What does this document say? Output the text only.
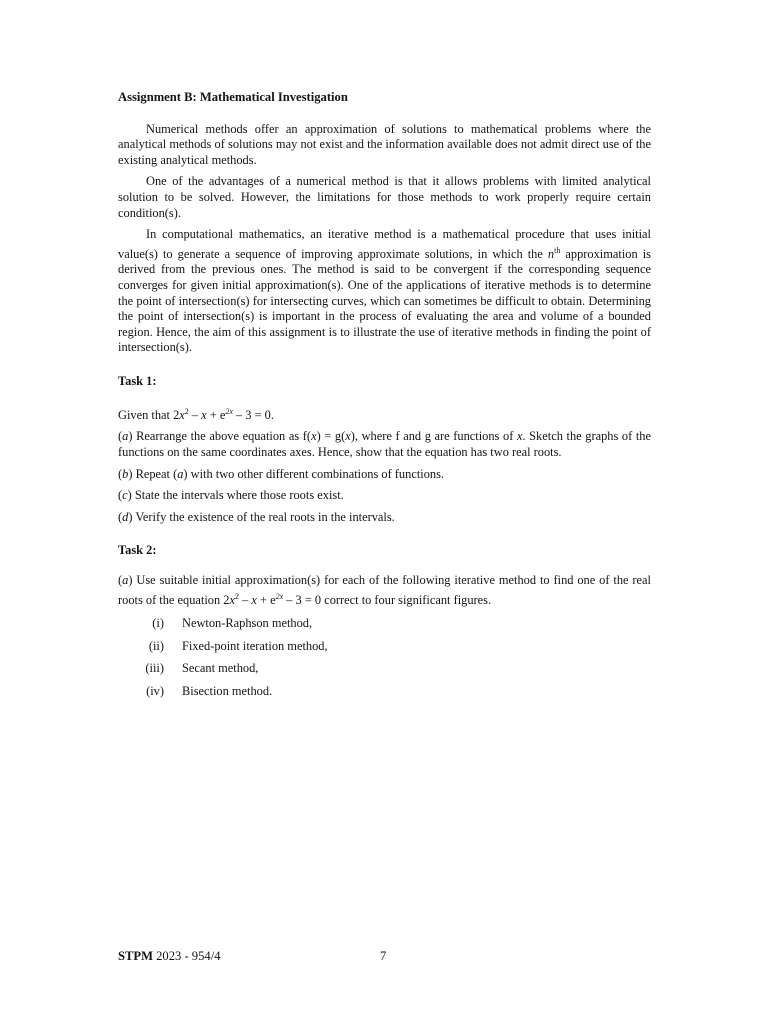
Assignment B: Mathematical Investigation

Numerical methods offer an approximation of solutions to mathematical problems where the analytical methods of solutions may not exist and the information available does not admit direct use of the existing analytical methods.

One of the advantages of a numerical method is that it allows problems with limited analytical solution to be solved. However, the limitations for those methods to work properly require certain condition(s).

In computational mathematics, an iterative method is a mathematical procedure that uses initial value(s) to generate a sequence of improving approximate solutions, in which the $n^{th}$ approximation is derived from the previous ones. The method is said to be convergent if the corresponding sequence converges for given initial approximation(s). One of the applications of iterative methods is to determine the point of intersection(s) for intersecting curves, which can sometimes be difficult to obtain. Determining the point of intersection(s) is important in the process of evaluating the area and volume of a bounded region. Hence, the aim of this assignment is to illustrate the use of iterative methods in finding the point of intersection(s).

Task 1:
Given that $2x^2 - x + e^{2x} - 3 = 0$.
(a) Rearrange the above equation as f(x) = g(x), where f and g are functions of x. Sketch the graphs of the functions on the same coordinates axes. Hence, show that the equation has two real roots.
(b) Repeat (a) with two other different combinations of functions.
(c) State the intervals where those roots exist.
(d) Verify the existence of the real roots in the intervals.
Task 2:
(a) Use suitable initial approximation(s) for each of the following iterative method to find one of the real roots of the equation $2x^2 - x + e^{2x} - 3 = 0$ correct to four significant figures.
(i)	Newton-Raphson method,
(ii)	Fixed-point iteration method,
(iii)	Secant method,
(iv)	Bisection method.
STPM 2023 - 954/4	7
